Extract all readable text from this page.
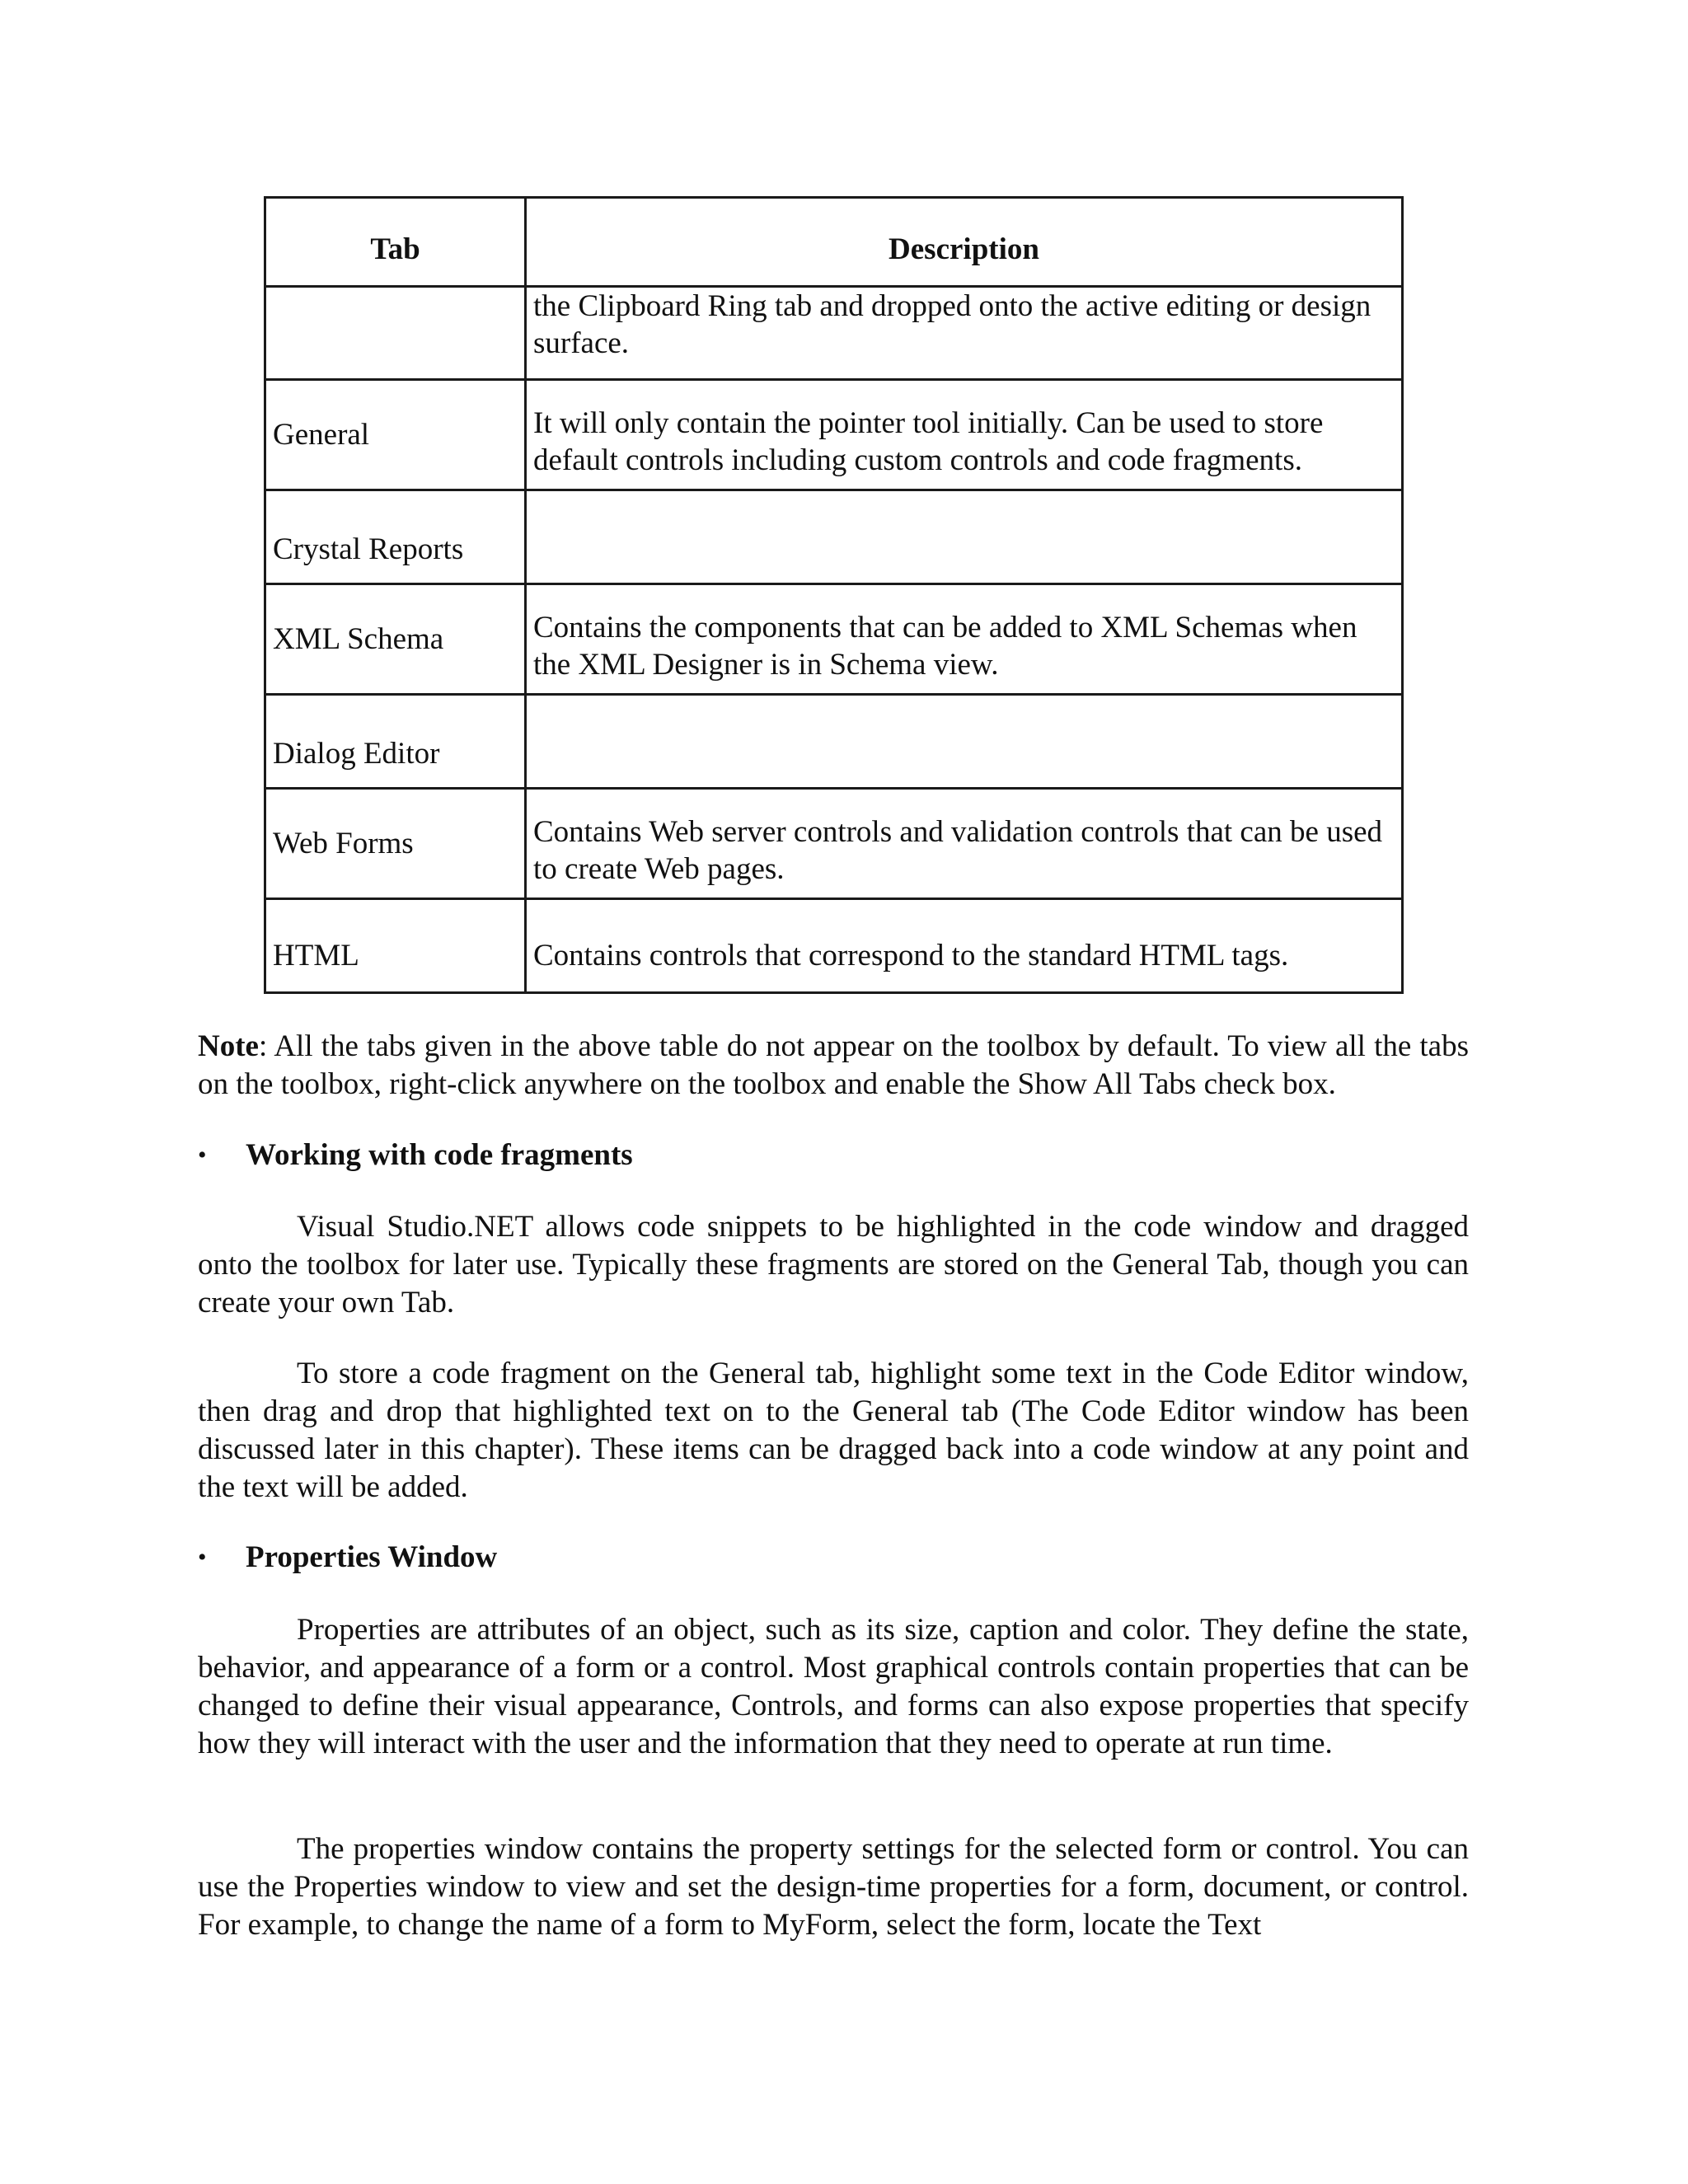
Tab	Description
	the Clipboard Ring tab and dropped onto the active editing or design surface.
General	It will only contain the pointer tool initially. Can be used to store default controls including custom controls and code fragments.
Crystal Reports	
XML Schema	Contains the components that can be added to XML Schemas when the XML Designer is in Schema view.
Dialog Editor	
Web Forms	Contains Web server controls and validation controls that can be used to create Web pages.
HTML	Contains controls that correspond to the standard HTML tags.

Note: All the tabs given in the above table do not appear on the toolbox by default. To view all the tabs on the toolbox, right-click anywhere on the toolbox and enable the Show All Tabs check box.

•	Working with code fragments

Visual Studio.NET allows code snippets to be highlighted in the code window and dragged onto the toolbox for later use. Typically these fragments are stored on the General Tab, though you can create your own Tab.

To store a code fragment on the General tab, highlight some text in the Code Editor window, then drag and drop that highlighted text on to the General tab (The Code Editor window has been discussed later in this chapter). These items can be dragged back into a code window at any point and the text will be added.

•	Properties Window

Properties are attributes of an object, such as its size, caption and color. They define the state, behavior, and appearance of a form or a control. Most graphical controls contain properties that can be changed to define their visual appearance, Controls, and forms can also expose properties that specify how they will interact with the user and the information that they need to operate at run time.

The properties window contains the property settings for the selected form or control. You can use the Properties window to view and set the design-time properties for a form, document, or control. For example, to change the name of a form to MyForm, select the form, locate the Text
